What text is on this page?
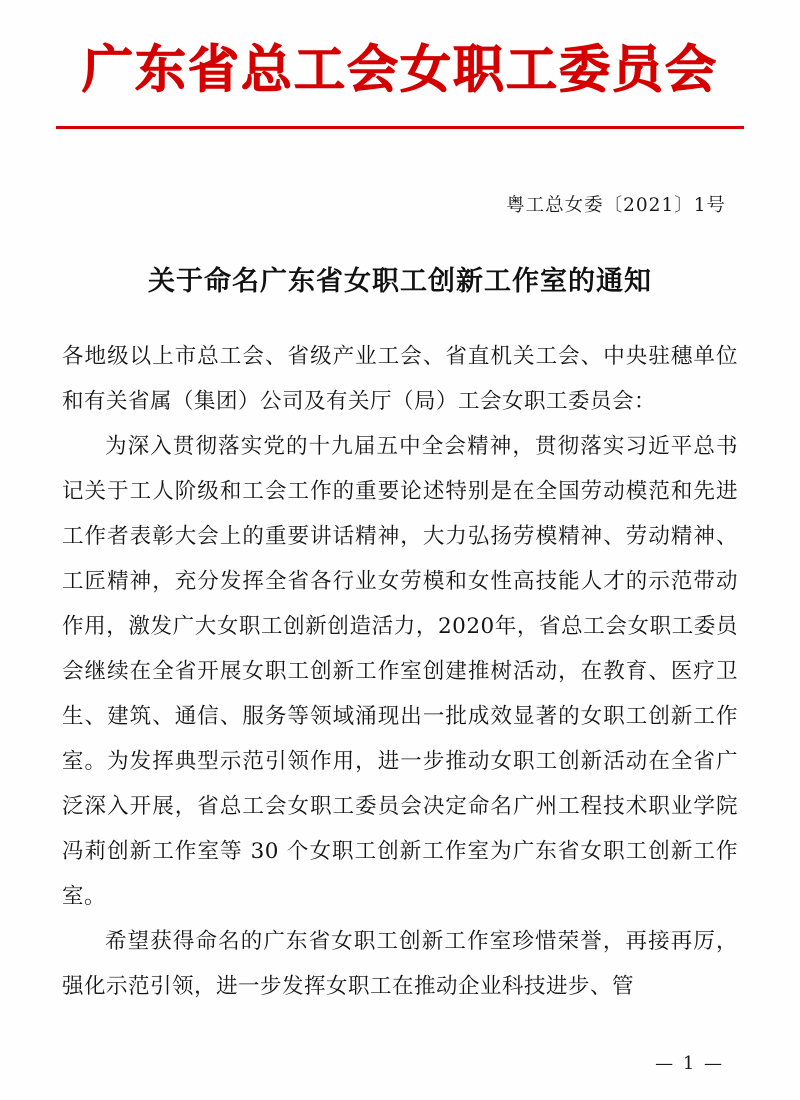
广东省总工会女职工委员会
粤工总女委〔2021〕1号
关于命名广东省女职工创新工作室的通知

各地级以上市总工会、省级产业工会、省直机关工会、中央驻穗单位和有关省属（集团）公司及有关厅（局）工会女职工委员会：

为深入贯彻落实党的十九届五中全会精神，贯彻落实习近平总书记关于工人阶级和工会工作的重要论述特别是在全国劳动模范和先进工作者表彰大会上的重要讲话精神，大力弘扬劳模精神、劳动精神、工匠精神，充分发挥全省各行业女劳模和女性高技能人才的示范带动作用，激发广大女职工创新创造活力，2020年，省总工会女职工委员会继续在全省开展女职工创新工作室创建推树活动，在教育、医疗卫生、建筑、通信、服务等领域涌现出一批成效显著的女职工创新工作室。为发挥典型示范引领作用，进一步推动女职工创新活动在全省广泛深入开展，省总工会女职工委员会决定命名广州工程技术职业学院冯莉创新工作室等 30 个女职工创新工作室为广东省女职工创新工作室。

希望获得命名的广东省女职工创新工作室珍惜荣誉，再接再厉，强化示范引领，进一步发挥女职工在推动企业科技进步、管

— 1 —
